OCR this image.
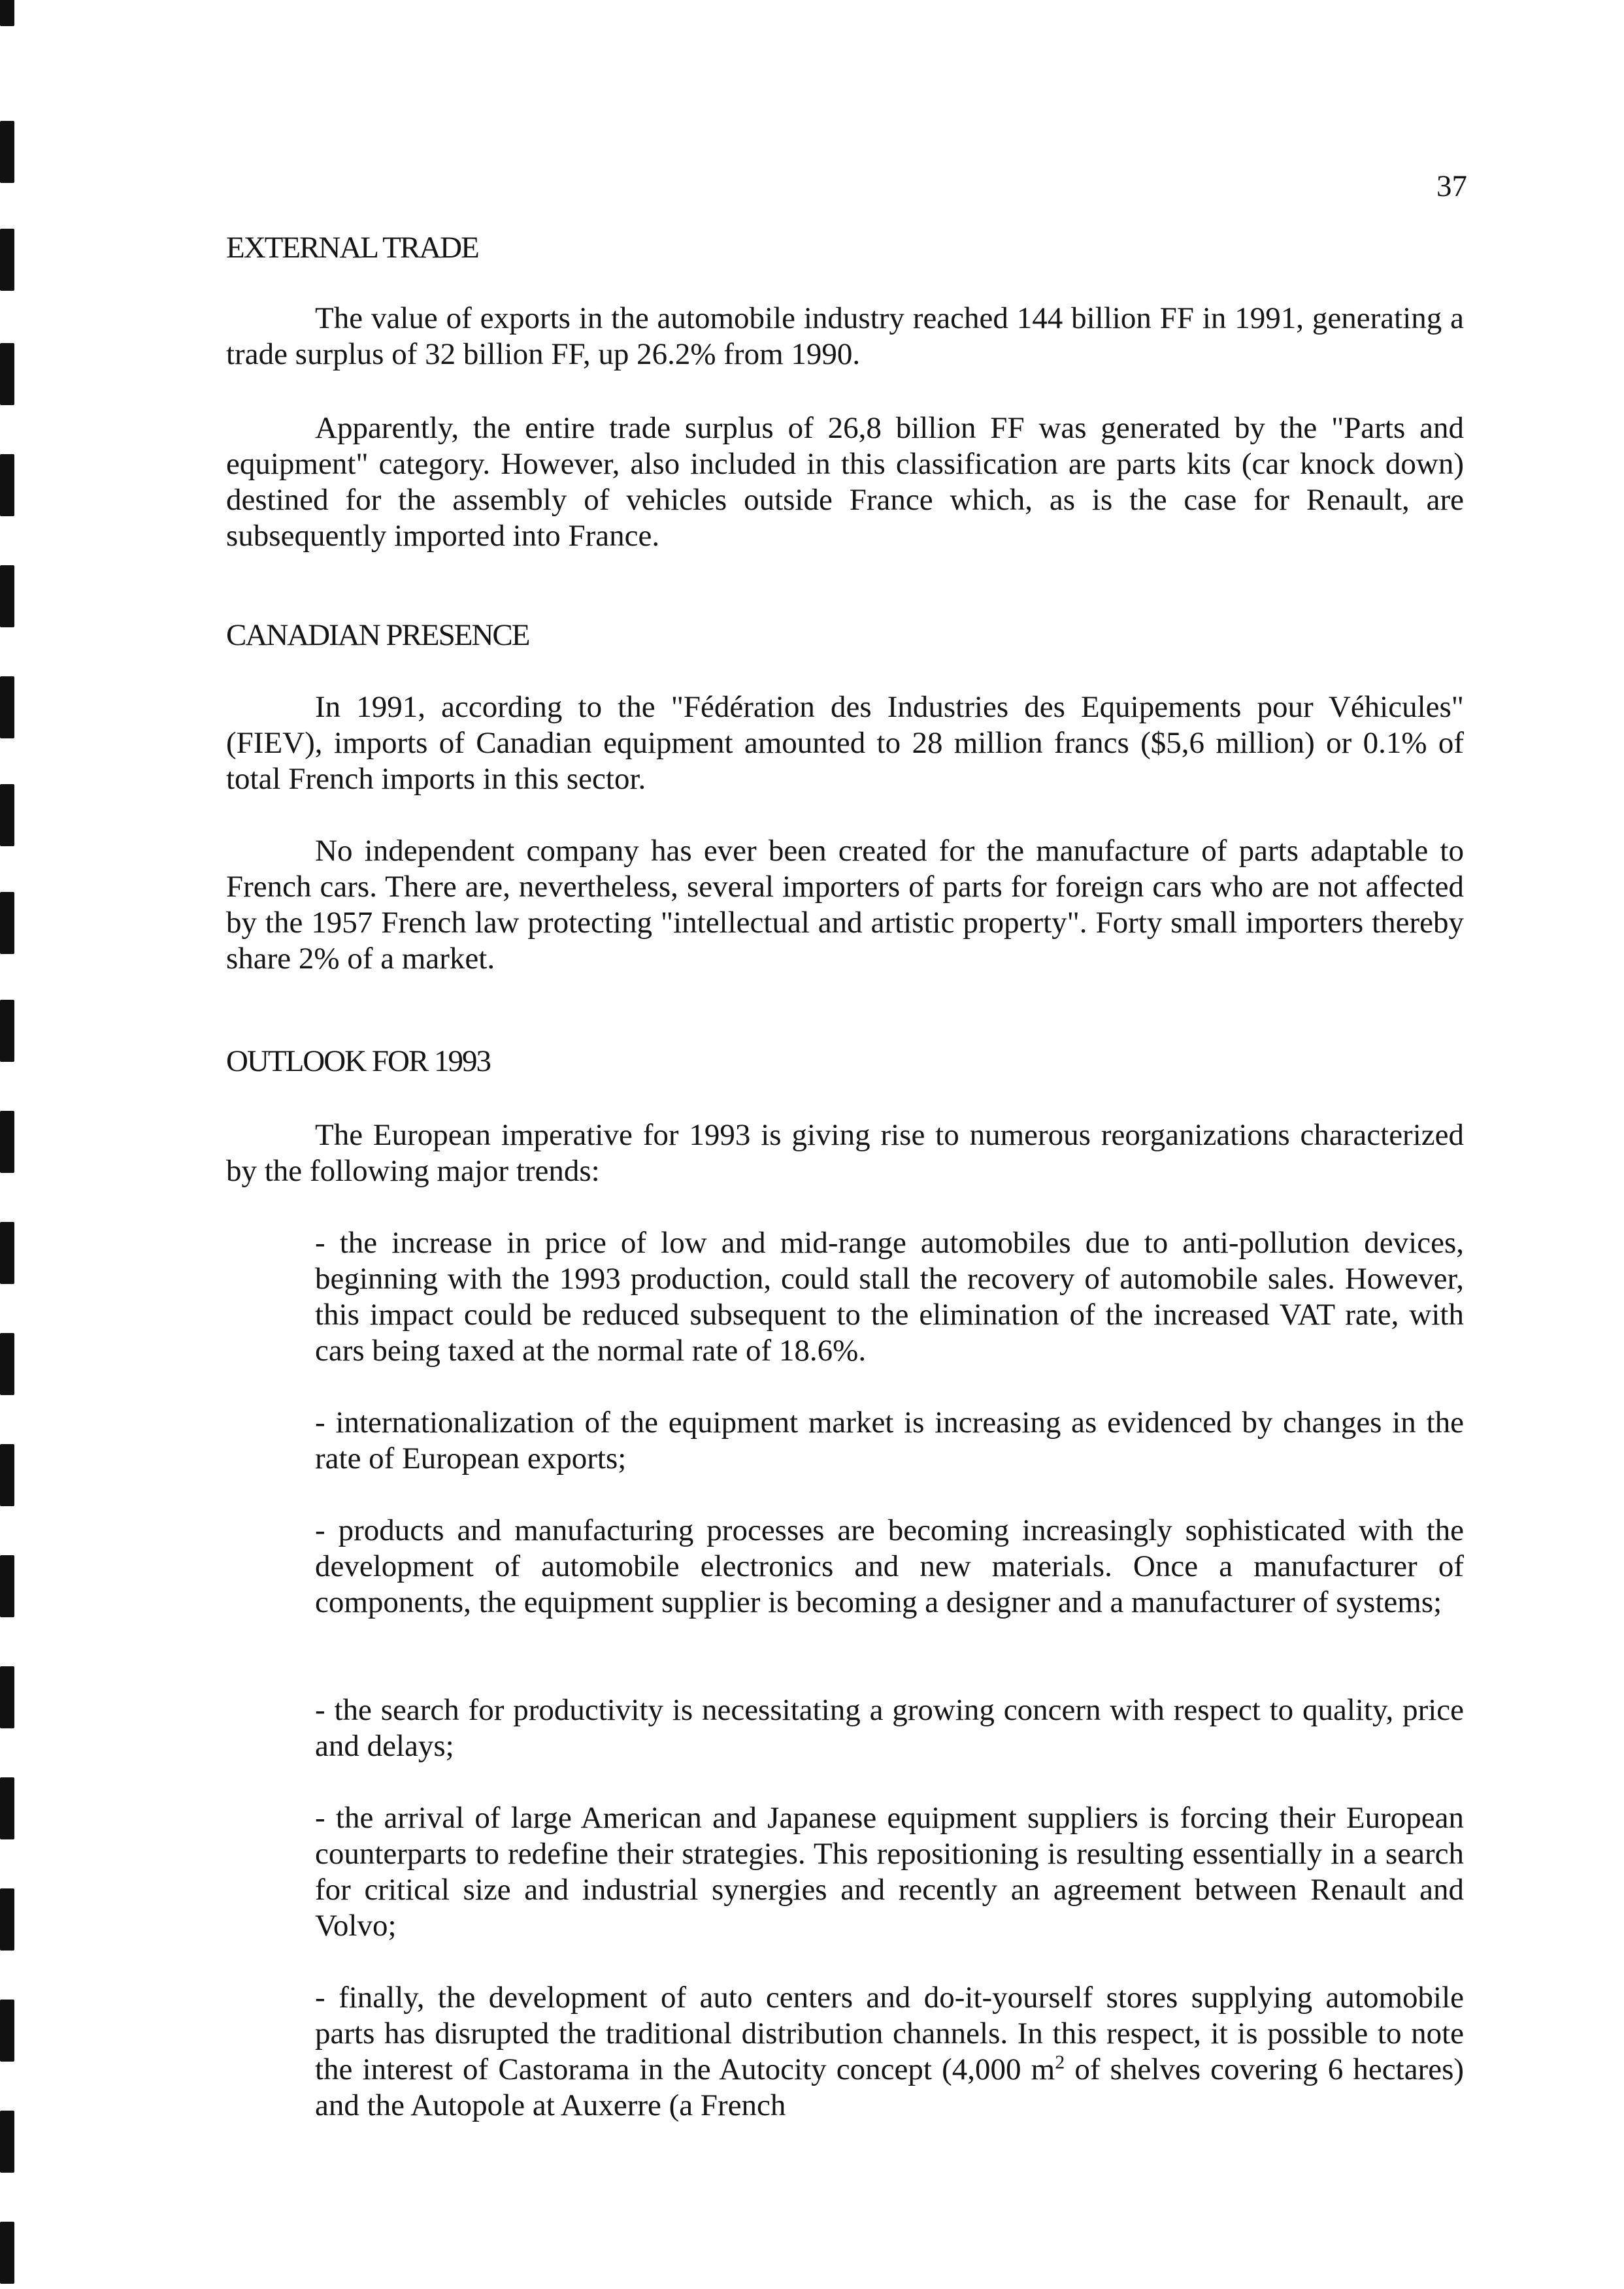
37
EXTERNAL TRADE

The value of exports in the automobile industry reached 144 billion FF in 1991, generating a trade surplus of 32 billion FF, up 26.2% from 1990.

Apparently, the entire trade surplus of 26,8 billion FF was generated by the "Parts and equipment" category. However, also included in this classification are parts kits (car knock down) destined for the assembly of vehicles outside France which, as is the case for Renault, are subsequently imported into France.

CANADIAN PRESENCE

In 1991, according to the "Fédération des Industries des Equipements pour Véhicules" (FIEV), imports of Canadian equipment amounted to 28 million francs ($5,6 million) or 0.1% of total French imports in this sector.

No independent company has ever been created for the manufacture of parts adaptable to French cars. There are, nevertheless, several importers of parts for foreign cars who are not affected by the 1957 French law protecting "intellectual and artistic property". Forty small importers thereby share 2% of a market.

OUTLOOK FOR 1993

The European imperative for 1993 is giving rise to numerous reorganizations characterized by the following major trends:

- the increase in price of low and mid-range automobiles due to anti-pollution devices, beginning with the 1993 production, could stall the recovery of automobile sales. However, this impact could be reduced subsequent to the elimination of the increased VAT rate, with cars being taxed at the normal rate of 18.6%.

- internationalization of the equipment market is increasing as evidenced by changes in the rate of European exports;

- products and manufacturing processes are becoming increasingly sophisticated with the development of automobile electronics and new materials. Once a manufacturer of components, the equipment supplier is becoming a designer and a manufacturer of systems;

- the search for productivity is necessitating a growing concern with respect to quality, price and delays;

- the arrival of large American and Japanese equipment suppliers is forcing their European counterparts to redefine their strategies. This repositioning is resulting essentially in a search for critical size and industrial synergies and recently an agreement between Renault and Volvo;

- finally, the development of auto centers and do-it-yourself stores supplying automobile parts has disrupted the traditional distribution channels. In this respect, it is possible to note the interest of Castorama in the Autocity concept (4,000 $m^2$ of shelves covering 6 hectares) and the Autopole at Auxerre (a French
